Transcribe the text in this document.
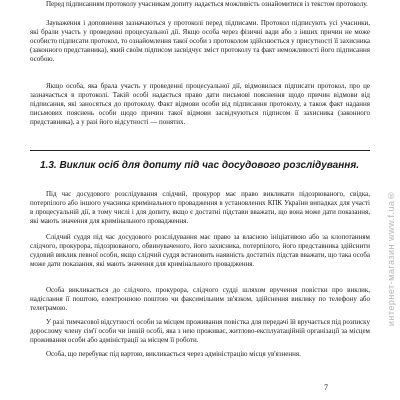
Перед підписанням протоколу учасникам допиту надається можливість ознайомитися із текстом протоколу.

Зауваження і доповнення зазначаються у протоколі перед підписами. Протокол підписують усі учасники, які брали участь у проведенні процесуальної дії. Якщо особа через фізичні вади або з інших причин не може особисто підписати протокол, то ознайомлення такої особи з протоколом здійснюється у присутності її захисника (законного представника), який своїм підписом засвідчує зміст протоколу та факт неможливості його підписання особою.

Якщо особа, яка брала участь у проведенні процесуальної дії, відмовилася підписати протокол, про це зазначається в протоколі. Такій особі надається право дати письмові пояснення щодо причин відмови від підписання, які заносяться до протоколу. Факт відмови особи від підписання протоколу, а також факт надання письмових пояснень особи щодо причин такої відмови засвідчуються підписом її захисника (законного представника), а у разі його відсутності — понятих.

1.3. Виклик осіб для допиту під час досудового розслідування.

Під час досудового розслідування слідчий, прокурор має право викликати підозрюваного, свідка, потерпілого або іншого учасника кримінального провадження в установлених КПК України випадках для участі в процесуальній дії, в тому числі і для допиту, якщо є достатні підстави вважати, що вона може дати показання, які мають значення для кримінального провадження.

Слідчий суддя під час досудового розслідування має право за власною ініціативою або за клопотанням слідчого, прокурора, підозрюваного, обвинуваченого, його захисника, потерпілого, його представника здійснити судовий виклик певної особи, якщо слідчий суддя встановить наявність достатніх підстав вважати, що така особа може дати показання, які мають значення для кримінального провадження.

Особа викликається до слідчого, прокурора, слідчого судді шляхом вручення повістки про виклик, надіслання її поштою, електронною поштою чи факсимільним зв'язком, здійснення виклику по телефону або телеграмою.

У разі тимчасової відсутності особи за місцем проживання повістка для передачі їй вручається під розписку дорослому члену сім'ї особи чи іншій особі, яка з нею проживає, житлово-експлуатаційній організації за місцем проживання особи або адміністрації за місцем її роботи.

Особа, що перебуває під вартою, викликається через адміністрацію місця ув'язнення.

интернет-магазин www.f.ua®
7
